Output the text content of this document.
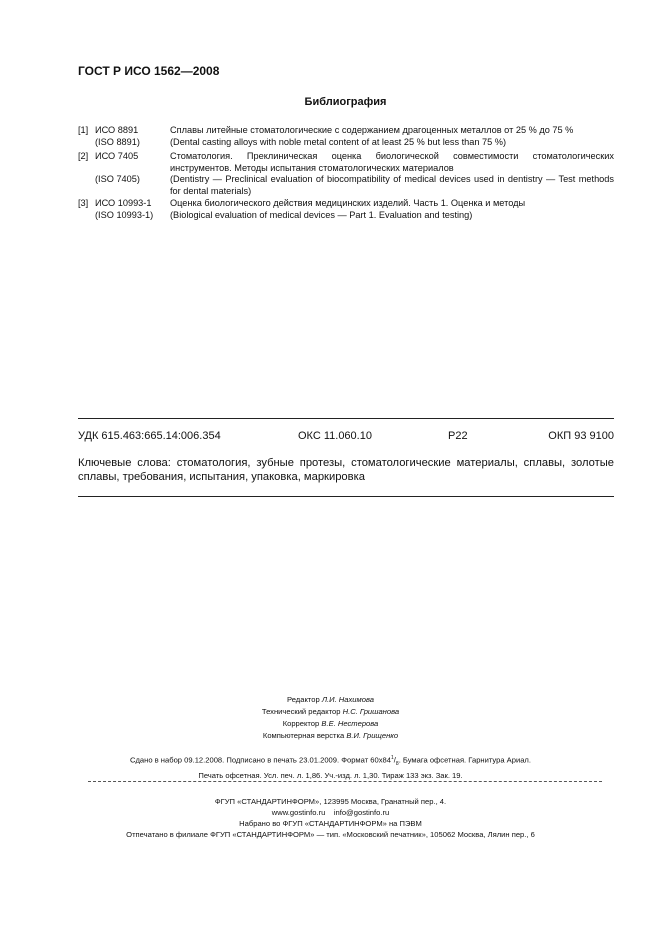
ГОСТ Р ИСО 1562—2008
Библиография
[1] ИСО 8891	Сплавы литейные стоматологические с содержанием драгоценных металлов от 25 % до 75 %
(ISO 8891)	(Dental casting alloys with noble metal content of at least 25 % but less than 75 %)
[2] ИСО 7405	Стоматология. Преклиническая оценка биологической совместимости стоматологических инструментов. Методы испытания стоматологических материалов
(ISO 7405)	(Dentistry — Preclinical evaluation of biocompatibility of medical devices used in dentistry — Test methods for dental materials)
[3] ИСО 10993-1	Оценка биологического действия медицинских изделий. Часть 1. Оценка и методы
(ISO 10993-1)	(Biological evaluation of medical devices — Part 1. Evaluation and testing)
УДК 615.463:665.14:006.354	ОКС 11.060.10	Р22	ОКП 93 9100
Ключевые слова: стоматология, зубные протезы, стоматологические материалы, сплавы, золотые сплавы, требования, испытания, упаковка, маркировка
Редактор Л.И. Нахимова
Технический редактор Н.С. Гришанова
Корректор В.Е. Нестерова
Компьютерная верстка В.И. Грищенко
Сдано в набор 09.12.2008. Подписано в печать 23.01.2009. Формат $60х84^1/_8$. Бумага офсетная. Гарнитура Ариал.
Печать офсетная. Усл. печ. л. 1,86. Уч.-изд. л. 1,30. Тираж 133 экз. Зак. 19.
ФГУП «СТАНДАРТИНФОРМ», 123995 Москва, Гранатный пер., 4.
www.gostinfo.ru info@gostinfo.ru
Набрано во ФГУП «СТАНДАРТИНФОРМ» на ПЭВМ
Отпечатано в филиале ФГУП «СТАНДАРТИНФОРМ» — тип. «Московский печатник», 105062 Москва, Лялин пер., 6
